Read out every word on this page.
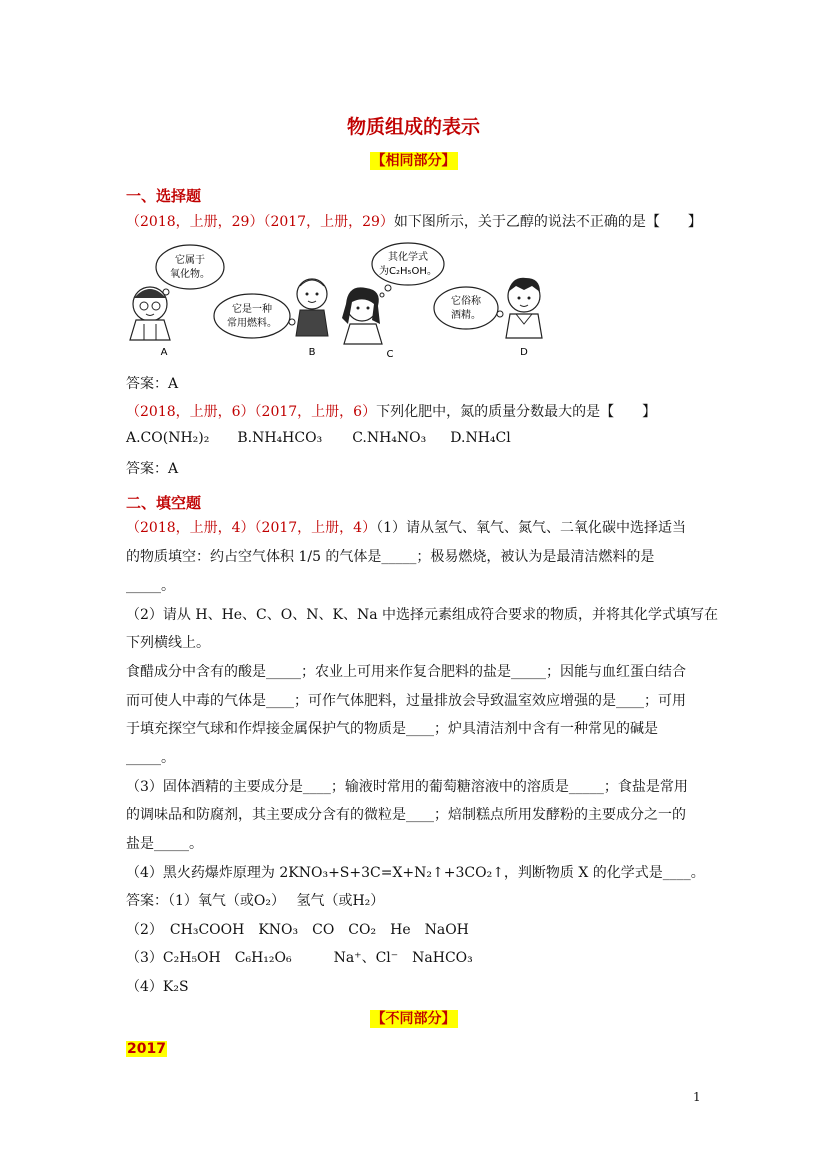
物质组成的表示
【相同部分】
一、选择题
（2018，上册，29）（2017，上册，29）如下图所示，关于乙醇的说法不正确的是【　　】
它属于
氧化物。
A
它是一种
常用燃料。
B
其化学式
为C₂H₅OH。
C
它俗称
酒精。
D
答案：A
（2018，上册，6）（2017，上册，6）下列化肥中，氮的质量分数最大的是【　　】
A.CO(NH₂)₂ B.NH₄HCO₃ C.NH₄NO₃ D.NH₄Cl
答案：A
二、填空题
（2018，上册，4）（2017，上册，4）（1）请从氢气、氧气、氮气、二氧化碳中选择适当
的物质填空：约占空气体积 1/5 的气体是_____；极易燃烧，被认为是最清洁燃料的是
_____。
（2）请从 H、He、C、O、N、K、Na 中选择元素组成符合要求的物质，并将其化学式填写在
下列横线上。
食醋成分中含有的酸是_____；农业上可用来作复合肥料的盐是_____；因能与血红蛋白结合
而可使人中毒的气体是____；可作气体肥料，过量排放会导致温室效应增强的是____；可用
于填充探空气球和作焊接金属保护气的物质是____；炉具清洁剂中含有一种常见的碱是
_____。
（3）固体酒精的主要成分是____；输液时常用的葡萄糖溶液中的溶质是_____；食盐是常用
的调味品和防腐剂，其主要成分含有的微粒是____；焙制糕点所用发酵粉的主要成分之一的
盐是_____。
（4）黑火药爆炸原理为 2KNO₃+S+3C=X+N₂↑+3CO₂↑，判断物质 X 的化学式是____。
答案：（1）氧气（或O₂）　 氢气（或H₂）
（2）　CH₃COOH　KNO₃　CO　CO₂　He　NaOH
（3）C₂H₅OH　C₆H₁₂O₆　　　Na⁺、Cl⁻　NaHCO₃
（4）K₂S
【不同部分】
2017
1
